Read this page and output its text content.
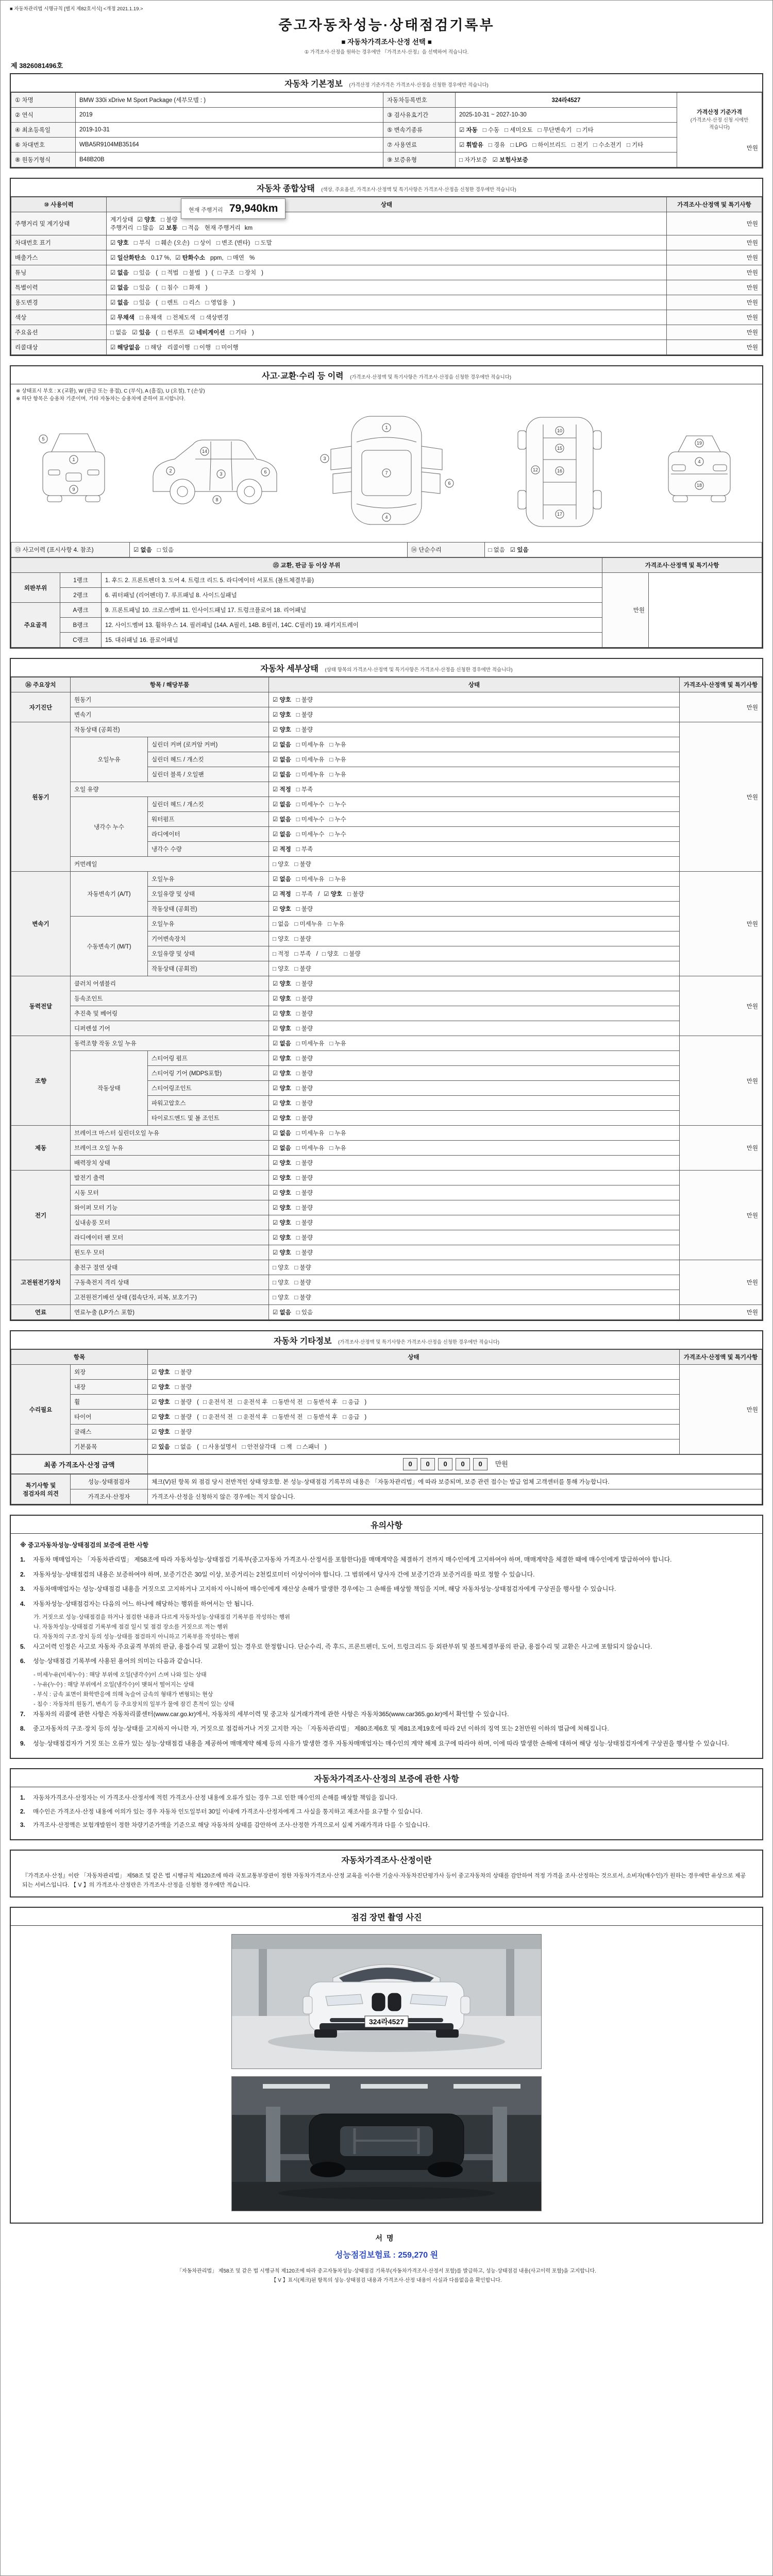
■ 자동차관리법 시행규칙 [별지 제82호서식] <개정 2021.1.19.>
중고자동차성능·상태점검기록부
■ 자동차가격조사·산정 선택 ■
① 가격조사·산정을 원하는 경우에만 『가격조사·산정』을 선택하여 적습니다.
제 3826081496호
자동차 기본정보 (가격산정 기준가격은 가격조사·산정을 신청한 경우에만 적습니다)
① 차명	BMW 330i xDrive M Sport Package (세부모델 : )	자동차등록번호	324라4527	가격산정 기준가격
(가격조사·산정 신청 시에만 적습니다)
만원

② 연식	2019	③ 검사유효기간	2025-10-31 ~ 2027-10-30	
④ 최초등록일	2019-10-31	⑤ 변속기종류	☑ 자동 □ 수동 □ 세미오토 □ 무단변속기 □ 기타	
⑥ 차대번호	WBA5R9104MB35164	⑦ 사용연료	☑ 휘발유 □ 경유 □ LPG □ 하이브리드 □ 전기 □ 수소전기 □ 기타	
⑧ 원동기형식	B48B20B	⑨ 보증유형	□ 자가보증 ☑ 보험사보증	
현재 주행거리 79,940km
자동차 종합상태 (색상, 주요옵션, 가격조사·산정액 및 특기사항은 가격조사·산정을 신청한 경우에만 적습니다)
⑩ 사용이력	상태	가격조사·산정액 및 특기사항
주행거리 및 계기상태	계기상태 ☑ 양호 □ 불량
주행거리 □ 많음 ☑ 보통 □ 적음 현재 주행거리 km	만원
차대번호 표기	☑ 양호 □ 부식 □ 훼손 (오손) □ 상이 □ 변조 (변타) □ 도말	만원
배출가스	☑ 일산화탄소 0.17 %, ☑ 탄화수소 ppm, □ 매연 %	만원
튜닝	☑ 없음 □ 있음 ( □ 적법 □ 불법 ) ( □ 구조 □ 장치 )	만원
특별이력	☑ 없음 □ 있음 ( □ 침수 □ 화재 )	만원
용도변경	☑ 없음 □ 있음 ( □ 렌트 □ 리스 □ 영업용 )	만원
색상	☑ 무채색 □ 유채색 □ 전체도색 □ 색상변경	만원
주요옵션	□ 없음 ☑ 있음 ( □ 썬루프 ☑ 네비게이션 □ 기타 )	만원
리콜대상	☑ 해당없음 □ 해당 리콜이행 □ 이행 □ 미이행	만원
사고·교환·수리 등 이력 (가격조사·산정액 및 특기사항은 가격조사·산정을 신청한 경우에만 적습니다)
※ 상태표시 부호 : X (교환), W (판금 또는 용접), C (부식), A (흠집), U (요철), T (손상)
※ 하단 항목은 승용차 기준이며, 기타 자동차는 승용차에 준하여 표시합니다.
1
9
5
2
3	6
8
14
1
7
4
3
6
10
12
15
16
17
4
18
19
⑬ 사고이력 (표시사항 4. 참조)	☑ 없음 □ 있음	⑭ 단순수리	□ 없음 ☑ 있음
⑮ 교환, 판금 등 이상 부위			가격조사·산정액 및 특기사항	
외판부위	1랭크	1. 후드 2. 프론트펜더 3. 도어 4. 트렁크 리드 5. 라디에이터 서포트 (볼트체결부품)	만원	
	2랭크	6. 쿼터패널 (리어펜더) 7. 루프패널 8. 사이드실패널		
주요골격	A랭크	9. 프론트패널 10. 크로스멤버 11. 인사이드패널 17. 트렁크플로어 18. 리어패널		
	B랭크	12. 사이드멤버 13. 휠하우스 14. 필러패널 (14A. A필러, 14B. B필러, 14C. C필러) 19. 패키지트레이		
	C랭크	15. 대쉬패널 16. 플로어패널		
자동차 세부상태 (상태 항목의 가격조사·산정액 및 특기사항은 가격조사·산정을 신청한 경우에만 적습니다)
⑯ 주요장치	항목 / 해당부품		상태	가격조사·산정액 및 특기사항
자기진단	원동기		☑ 양호 □ 불량	만원
	변속기		☑ 양호 □ 불량	
원동기	작동상태 (공회전)		☑ 양호 □ 불량	만원
	오일누유	실린더 커버 (로커암 커버)	☑ 없음 □ 미세누유 □ 누유	
		실린더 헤드 / 개스킷	☑ 없음 □ 미세누유 □ 누유	
		실린더 블록 / 오일팬	☑ 없음 □ 미세누유 □ 누유	
	오일 유량		☑ 적정 □ 부족	
	냉각수 누수	실린더 헤드 / 개스킷	☑ 없음 □ 미세누수 □ 누수	
		워터펌프	☑ 없음 □ 미세누수 □ 누수	
		라디에이터	☑ 없음 □ 미세누수 □ 누수	
		냉각수 수량	☑ 적정 □ 부족	
	커먼레일		□ 양호 □ 불량	
변속기	자동변속기 (A/T)	오일누유	☑ 없음 □ 미세누유 □ 누유	만원
		오일유량 및 상태	☑ 적정 □ 부족 / ☑ 양호 □ 불량	
		작동상태 (공회전)	☑ 양호 □ 불량	
	수동변속기 (M/T)	오일누유	□ 없음 □ 미세누유 □ 누유	
		기어변속장치	□ 양호 □ 불량	
		오일유량 및 상태	□ 적정 □ 부족 / □ 양호 □ 불량	
		작동상태 (공회전)	□ 양호 □ 불량	
동력전달	클러치 어셈블리		☑ 양호 □ 불량	만원
	등속조인트		☑ 양호 □ 불량	
	추진축 및 베어링		☑ 양호 □ 불량	
	디퍼렌셜 기어		☑ 양호 □ 불량	
조향	동력조향 작동 오일 누유		☑ 없음 □ 미세누유 □ 누유	만원
	작동상태	스티어링 펌프	☑ 양호 □ 불량	
		스티어링 기어 (MDPS포함)	☑ 양호 □ 불량	
		스티어링조인트	☑ 양호 □ 불량	
		파워고압호스	☑ 양호 □ 불량	
		타이로드엔드 및 볼 조인트	☑ 양호 □ 불량	
제동	브레이크 마스터 실린더오일 누유		☑ 없음 □ 미세누유 □ 누유	만원
	브레이크 오일 누유		☑ 없음 □ 미세누유 □ 누유	
	배력장치 상태		☑ 양호 □ 불량	
전기	발전기 출력		☑ 양호 □ 불량	만원
	시동 모터		☑ 양호 □ 불량	
	와이퍼 모터 기능		☑ 양호 □ 불량	
	실내송풍 모터		☑ 양호 □ 불량	
	라디에이터 팬 모터		☑ 양호 □ 불량	
	윈도우 모터		☑ 양호 □ 불량	
고전원전기장치	충전구 절연 상태		□ 양호 □ 불량	만원
	구동축전지 격리 상태		□ 양호 □ 불량	
	고전원전기배선 상태 (접속단자, 피복, 보호기구)		□ 양호 □ 불량	
연료	연료누출 (LP가스 포함)		☑ 없음 □ 있음	만원
자동차 기타정보 (가격조사·산정액 및 특기사항은 가격조사·산정을 신청한 경우에만 적습니다)
항목		상태	가격조사·산정액 및 특기사항
수리필요	외장	☑ 양호 □ 불량	만원
	내장	☑ 양호 □ 불량	
	휠	☑ 양호 □ 불량 ( □ 운전석 전 □ 운전석 후 □ 동반석 전 □ 동반석 후 □ 응급 )	
	타이어	☑ 양호 □ 불량 ( □ 운전석 전 □ 운전석 후 □ 동반석 전 □ 동반석 후 □ 응급 )	
	글래스	☑ 양호 □ 불량	
	기본품목	☑ 있음 □ 없음 ( □ 사용설명서 □ 안전삼각대 □ 잭 □ 스패너 )	
최종 가격조사·산정 금액	0 0 0 0 0 만원
특기사항 및 점검자의 의견	성능·상태점검자	체크(V)된 항목 외 점검 당시 전반적인 상태 양호함. 본 성능·상태점검 기록부의 내용은 「자동차관리법」에 따라 보증되며, 보증 관련 접수는 발급 업체 고객센터를 통해 가능합니다.
	가격조사·산정자	가격조사·산정을 신청하지 않은 경우에는 적지 않습니다.
유의사항
※ 중고자동차성능·상태점검의 보증에 관한 사항
1.	자동차 매매업자는 「자동차관리법」 제58조에 따라 자동차성능·상태점검 기록부(중고자동차 가격조사·산정서를 포함한다)를 매매계약을 체결하기 전까지 매수인에게 고지하여야 하며, 매매계약을 체결한 때에 매수인에게 발급하여야 합니다.
2.	자동차성능·상태점검의 내용은 보증하여야 하며, 보증기간은 30일 이상, 보증거리는 2천킬로미터 이상이어야 합니다. 그 범위에서 당사자 간에 보증기간과 보증거리를 따로 정할 수 있습니다.
3.	자동차매매업자는 성능·상태점검 내용을 거짓으로 고지하거나 고지하지 아니하여 매수인에게 재산상 손해가 발생한 경우에는 그 손해를 배상할 책임을 지며, 해당 자동차성능·상태점검자에게 구상권을 행사할 수 있습니다.
4.	자동차성능·상태점검자는 다음의 어느 하나에 해당하는 행위를 하여서는 안 됩니다.
가. 거짓으로 성능·상태점검을 하거나 점검한 내용과 다르게 자동차성능·상태점검 기록부를 작성하는 행위
나. 자동차성능·상태점검 기록부에 점검 일시 및 점검 장소를 거짓으로 적는 행위
다. 자동차의 구조·장치 등의 성능·상태를 점검하지 아니하고 기록부를 작성하는 행위
5.	사고이력 인정은 사고로 자동차 주요골격 부위의 판금, 용접수리 및 교환이 있는 경우로 한정합니다. 단순수리, 즉 후드, 프론트펜더, 도어, 트렁크리드 등 외판부위 및 볼트체결부품의 판금, 용접수리 및 교환은 사고에 포함되지 않습니다.
6.	성능·상태점검 기록부에 사용된 용어의 의미는 다음과 같습니다.
- 미세누유(미세누수) : 해당 부위에 오일(냉각수)이 스며 나와 있는 상태
- 누유(누수) : 해당 부위에서 오일(냉각수)이 맺혀서 떨어지는 상태
- 부식 : 금속 표면이 화학반응에 의해 녹슬어 금속의 형태가 변형되는 현상
- 침수 : 자동차의 원동기, 변속기 등 주요장치의 일부가 물에 잠긴 흔적이 있는 상태
7.	자동차의 리콜에 관한 사항은 자동차리콜센터(www.car.go.kr)에서, 자동차의 세부이력 및 중고차 실거래가격에 관한 사항은 자동차365(www.car365.go.kr)에서 확인할 수 있습니다.
8.	중고자동차의 구조·장치 등의 성능·상태를 고지하지 아니한 자, 거짓으로 점검하거나 거짓 고지한 자는 「자동차관리법」 제80조제6호 및 제81조제19호에 따라 2년 이하의 징역 또는 2천만원 이하의 벌금에 처해집니다.
9.	성능·상태점검자가 거짓 또는 오류가 있는 성능·상태점검 내용을 제공하여 매매계약 해제 등의 사유가 발생한 경우 자동차매매업자는 매수인의 계약 해제 요구에 따라야 하며, 이에 따라 발생한 손해에 대하여 해당 성능·상태점검자에게 구상권을 행사할 수 있습니다.
자동차가격조사·산정의 보증에 관한 사항
1.	자동차가격조사·산정자는 이 가격조사·산정서에 적힌 가격조사·산정 내용에 오류가 있는 경우 그로 인한 매수인의 손해를 배상할 책임을 집니다.
2.	매수인은 가격조사·산정 내용에 이의가 있는 경우 자동차 인도일부터 30일 이내에 가격조사·산정자에게 그 사실을 통지하고 재조사를 요구할 수 있습니다.
3.	가격조사·산정액은 보험개발원이 정한 차량기준가액을 기준으로 해당 자동차의 상태를 감안하여 조사·산정한 가격으로서 실제 거래가격과 다를 수 있습니다.
자동차가격조사·산정이란
『가격조사·산정』이란 「자동차관리법」 제58조 및 같은 법 시행규칙 제120조에 따라 국토교통부장관이 정한 자동차가격조사·산정 교육을 이수한 기술사·자동차진단평가사 등이 중고자동차의 상태를 감안하여 적정 가격을 조사·산정하는 것으로서, 소비자(매수인)가 원하는 경우에만 유상으로 제공되는 서비스입니다. 【 V 】의 가격조사·산정란은 가격조사·산정을 신청한 경우에만 적습니다.
점검 장면 촬영 사진
324라4527
서명
성능점검보험료 : 259,270 원
「자동차관리법」 제58조 및 같은 법 시행규칙 제120조에 따라 중고자동차성능·상태점검 기록부(자동차가격조사·산정서 포함)를 발급하고, 성능·상태점검 내용(사고이력 포함)을 고지합니다.
【 V 】표시(체크)된 항목의 성능·상태점검 내용과 가격조사·산정 내용이 사실과 다름없음을 확인합니다.
